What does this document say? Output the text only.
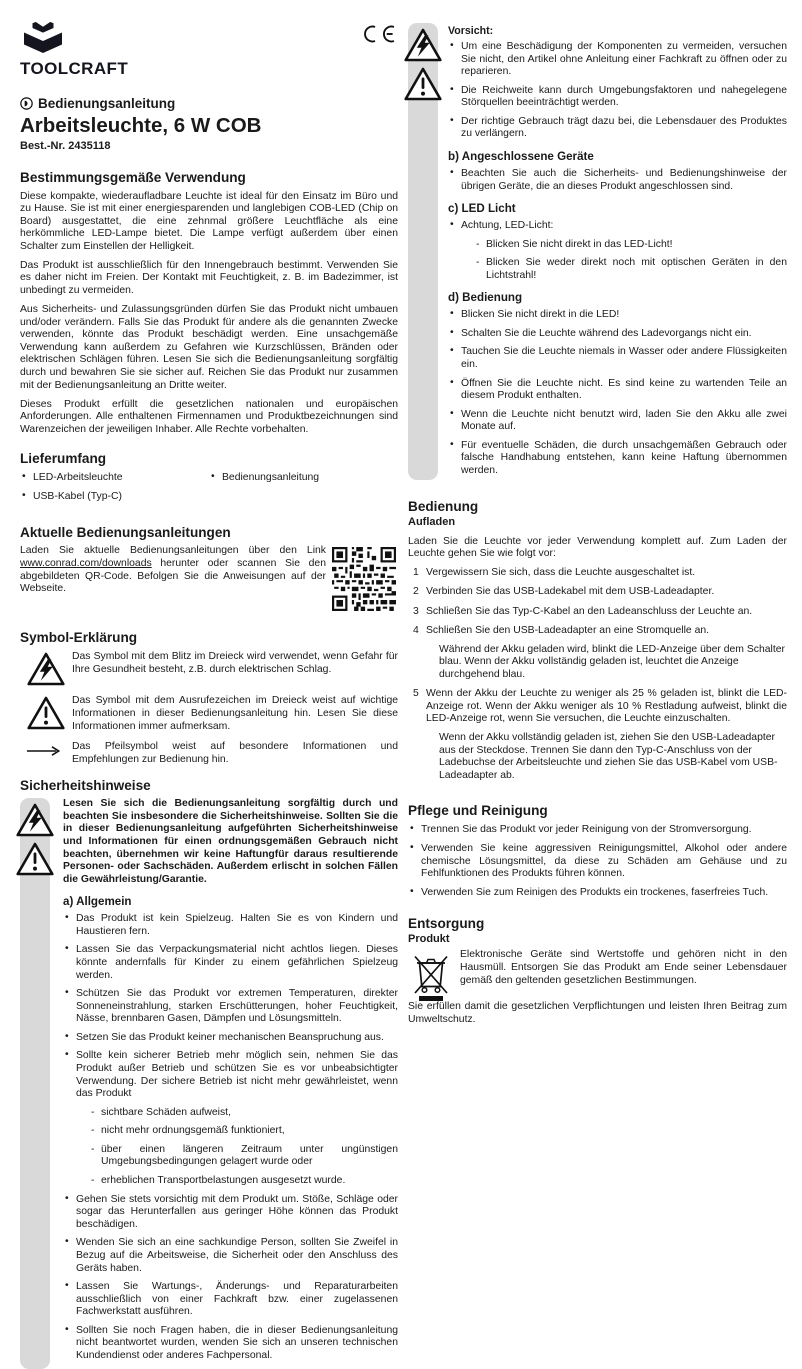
TOOLCRAFT
Bedienungsanleitung
Arbeitsleuchte, 6 W COB
Best.-Nr. 2435118
Bestimmungsgemäße Verwendung

Diese kompakte, wiederaufladbare Leuchte ist ideal für den Einsatz im Büro und zu Hause. Sie ist mit einer energiesparenden und langlebigen COB-LED (Chip on Board) ausgestattet, die eine zehnmal größere Leuchtfläche als eine herkömmliche LED-Lampe bietet. Die Lampe verfügt außerdem über einen Schalter zum Einstellen der Helligkeit.

Das Produkt ist ausschließlich für den Innengebrauch bestimmt. Verwenden Sie es daher nicht im Freien. Der Kontakt mit Feuchtigkeit, z. B. im Badezimmer, ist unbedingt zu vermeiden.

Aus Sicherheits- und Zulassungsgründen dürfen Sie das Produkt nicht umbauen und/oder verändern. Falls Sie das Produkt für andere als die genannten Zwecke verwenden, könnte das Produkt beschädigt werden. Eine unsachgemäße Verwendung kann außerdem zu Gefahren wie Kurzschlüssen, Bränden oder elektrischen Schlägen führen. Lesen Sie sich die Bedienungsanleitung sorgfältig durch und bewahren Sie sie sicher auf. Reichen Sie das Produkt nur zusammen mit der Bedienungsanleitung an Dritte weiter.

Dieses Produkt erfüllt die gesetzlichen nationalen und europäischen Anforderungen. Alle enthaltenen Firmennamen und Produktbezeichnungen sind Warenzeichen der jeweiligen Inhaber. Alle Rechte vorbehalten.

Lieferumfang
• LED-Arbeitsleuchte
• USB-Kabel (Typ-C)
• Bedienungsanleitung
Aktuelle Bedienungsanleitungen

Laden Sie aktuelle Bedienungsanleitungen über den Link www.conrad.com/downloads herunter oder scannen Sie den abgebildeten QR-Code. Befolgen Sie die Anweisungen auf der Webseite.

Symbol-Erklärung
Das Symbol mit dem Blitz im Dreieck wird verwendet, wenn Gefahr für Ihre Gesundheit besteht, z.B. durch elektrischen Schlag.
Das Symbol mit dem Ausrufezeichen im Dreieck weist auf wichtige Informationen in dieser Bedienungsanleitung hin. Lesen Sie diese Informationen immer aufmerksam.
Das Pfeilsymbol weist auf besondere Informationen und Empfehlungen zur Bedienung hin.
Sicherheitshinweise

Lesen Sie sich die Bedienungsanleitung sorgfältig durch und beachten Sie insbesondere die Sicherheitshinweise. Sollten Sie die in dieser Bedienungsanleitung aufgeführten Sicherheitshinweise und Informationen für einen ordnungsgemäßen Gebrauch nicht beachten, übernehmen wir keine Haftungfür daraus resultierende Personen- oder Sachschäden. Außerdem erlischt in solchen Fällen die Gewährleistung/Garantie.

a) Allgemein
• Das Produkt ist kein Spielzeug. Halten Sie es von Kindern und Haustieren fern.
• Lassen Sie das Verpackungsmaterial nicht achtlos liegen. Dieses könnte andernfalls für Kinder zu einem gefährlichen Spielzeug werden.
• Schützen Sie das Produkt vor extremen Temperaturen, direkter Sonneneinstrahlung, starken Erschütterungen, hoher Feuchtigkeit, Nässe, brennbaren Gasen, Dämpfen und Lösungsmitteln.
• Setzen Sie das Produkt keiner mechanischen Beanspruchung aus.
• Sollte kein sicherer Betrieb mehr möglich sein, nehmen Sie das Produkt außer Betrieb und schützen Sie es vor unbeabsichtigter Verwendung. Der sichere Betrieb ist nicht mehr gewährleistet, wenn das Produkt
- sichtbare Schäden aufweist,
- nicht mehr ordnungsgemäß funktioniert,
- über einen längeren Zeitraum unter ungünstigen Umgebungsbedingungen gelagert wurde oder
- erheblichen Transportbelastungen ausgesetzt wurde.
• Gehen Sie stets vorsichtig mit dem Produkt um. Stöße, Schläge oder sogar das Herunterfallen aus geringer Höhe können das Produkt beschädigen.
• Wenden Sie sich an eine sachkundige Person, sollten Sie Zweifel in Bezug auf die Arbeitsweise, die Sicherheit oder den Anschluss des Geräts haben.
• Lassen Sie Wartungs-, Änderungs- und Reparaturarbeiten ausschließlich von einer Fachkraft bzw. einer zugelassenen Fachwerkstatt ausführen.
• Sollten Sie noch Fragen haben, die in dieser Bedienungsanleitung nicht beantwortet wurden, wenden Sie sich an unseren technischen Kundendienst oder anderes Fachpersonal.
Vorsicht:
• Um eine Beschädigung der Komponenten zu vermeiden, versuchen Sie nicht, den Artikel ohne Anleitung einer Fachkraft zu öffnen oder zu reparieren.
• Die Reichweite kann durch Umgebungsfaktoren und nahegelegene Störquellen beeinträchtigt werden.
• Der richtige Gebrauch trägt dazu bei, die Lebensdauer des Produktes zu verlängern.
b) Angeschlossene Geräte
• Beachten Sie auch die Sicherheits- und Bedienungshinweise der übrigen Geräte, die an dieses Produkt angeschlossen sind.
c) LED Licht
• Achtung, LED-Licht:
- Blicken Sie nicht direkt in das LED-Licht!
- Blicken Sie weder direkt noch mit optischen Geräten in den Lichtstrahl!
d) Bedienung
• Blicken Sie nicht direkt in die LED!
• Schalten Sie die Leuchte während des Ladevorgangs nicht ein.
• Tauchen Sie die Leuchte niemals in Wasser oder andere Flüssigkeiten ein.
• Öffnen Sie die Leuchte nicht. Es sind keine zu wartenden Teile an diesem Produkt enthalten.
• Wenn die Leuchte nicht benutzt wird, laden Sie den Akku alle zwei Monate auf.
• Für eventuelle Schäden, die durch unsachgemäßen Gebrauch oder falsche Handhabung entstehen, kann keine Haftung übernommen werden.
Bedienung
Aufladen

Laden Sie die Leuchte vor jeder Verwendung komplett auf. Zum Laden der Leuchte gehen Sie wie folgt vor:

1 Vergewissern Sie sich, dass die Leuchte ausgeschaltet ist.
2 Verbinden Sie das USB-Ladekabel mit dem USB-Ladeadapter.
3 Schließen Sie das Typ-C-Kabel an den Ladeanschluss der Leuchte an.
4 Schließen Sie den USB-Ladeadapter an eine Stromquelle an.
Während der Akku geladen wird, blinkt die LED-Anzeige über dem Schalter blau. Wenn der Akku vollständig geladen ist, leuchtet die Anzeige durchgehend blau.
5 Wenn der Akku der Leuchte zu weniger als 25 % geladen ist, blinkt die LED-Anzeige rot. Wenn der Akku weniger als 10 % Restladung aufweist, blinkt die LED-Anzeige rot, wenn Sie versuchen, die Leuchte einzuschalten.
Wenn der Akku vollständig geladen ist, ziehen Sie den USB-Ladeadapter aus der Steckdose. Trennen Sie dann den Typ-C-Anschluss von der Ladebuchse der Arbeitsleuchte und ziehen Sie das USB-Kabel vom USB-Ladeadapter ab.
Pflege und Reinigung
• Trennen Sie das Produkt vor jeder Reinigung von der Stromversorgung.
• Verwenden Sie keine aggressiven Reinigungsmittel, Alkohol oder andere chemische Lösungsmittel, da diese zu Schäden am Gehäuse und zu Fehlfunktionen des Produkts führen können.
• Verwenden Sie zum Reinigen des Produkts ein trockenes, faserfreies Tuch.
Entsorgung
Produkt
Elektronische Geräte sind Wertstoffe und gehören nicht in den Hausmüll. Entsorgen Sie das Produkt am Ende seiner Lebensdauer gemäß den geltenden gesetzlichen Bestimmungen.

Sie erfüllen damit die gesetzlichen Verpflichtungen und leisten Ihren Beitrag zum Umweltschutz.
